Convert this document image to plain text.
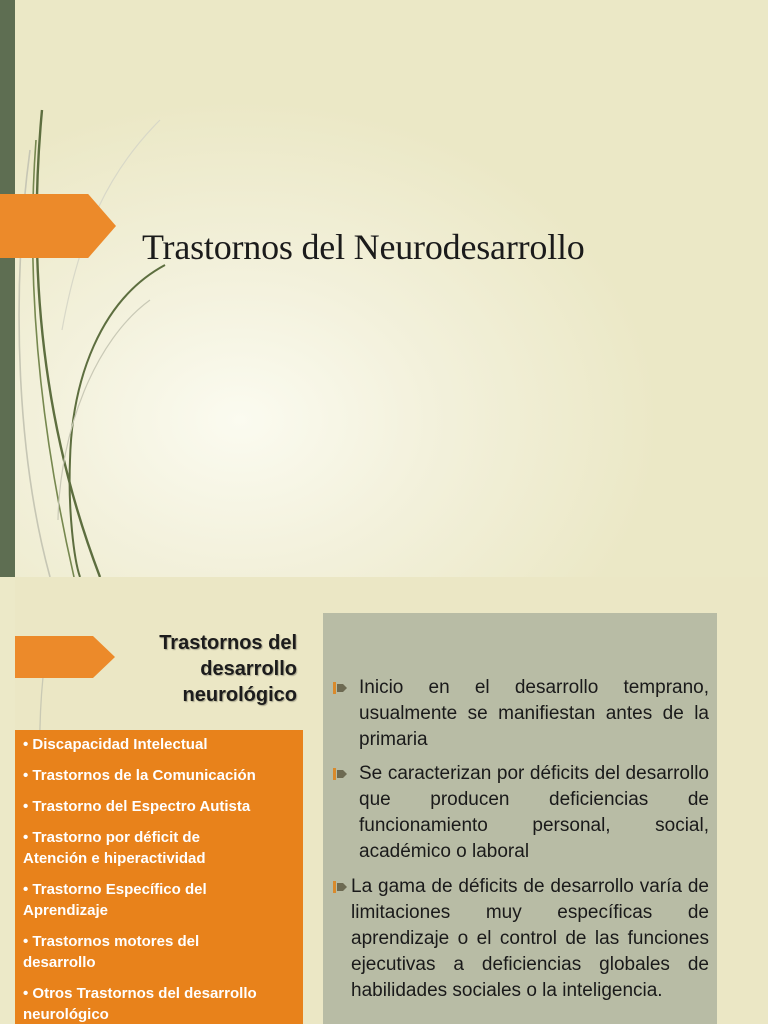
Trastornos del Neurodesarrollo
Trastornos del
desarrollo
neurológico
• Discapacidad Intelectual
• Trastornos de la Comunicación
• Trastorno del Espectro Autista
• Trastorno por déficit de
Atención e hiperactividad
• Trastorno Específico del
Aprendizaje
• Trastornos motores del
desarrollo
• Otros Trastornos del desarrollo
neurológico

Inicio en el desarrollo temprano, usualmente se manifiestan antes de la primaria

Se caracterizan por déficits del desarrollo que producen deficiencias de funcionamiento personal, social, académico o laboral

La gama de déficits de desarrollo varía de limitaciones muy específicas de aprendizaje o el control de las funciones ejecutivas a deficiencias globales de habilidades sociales o la inteligencia.
